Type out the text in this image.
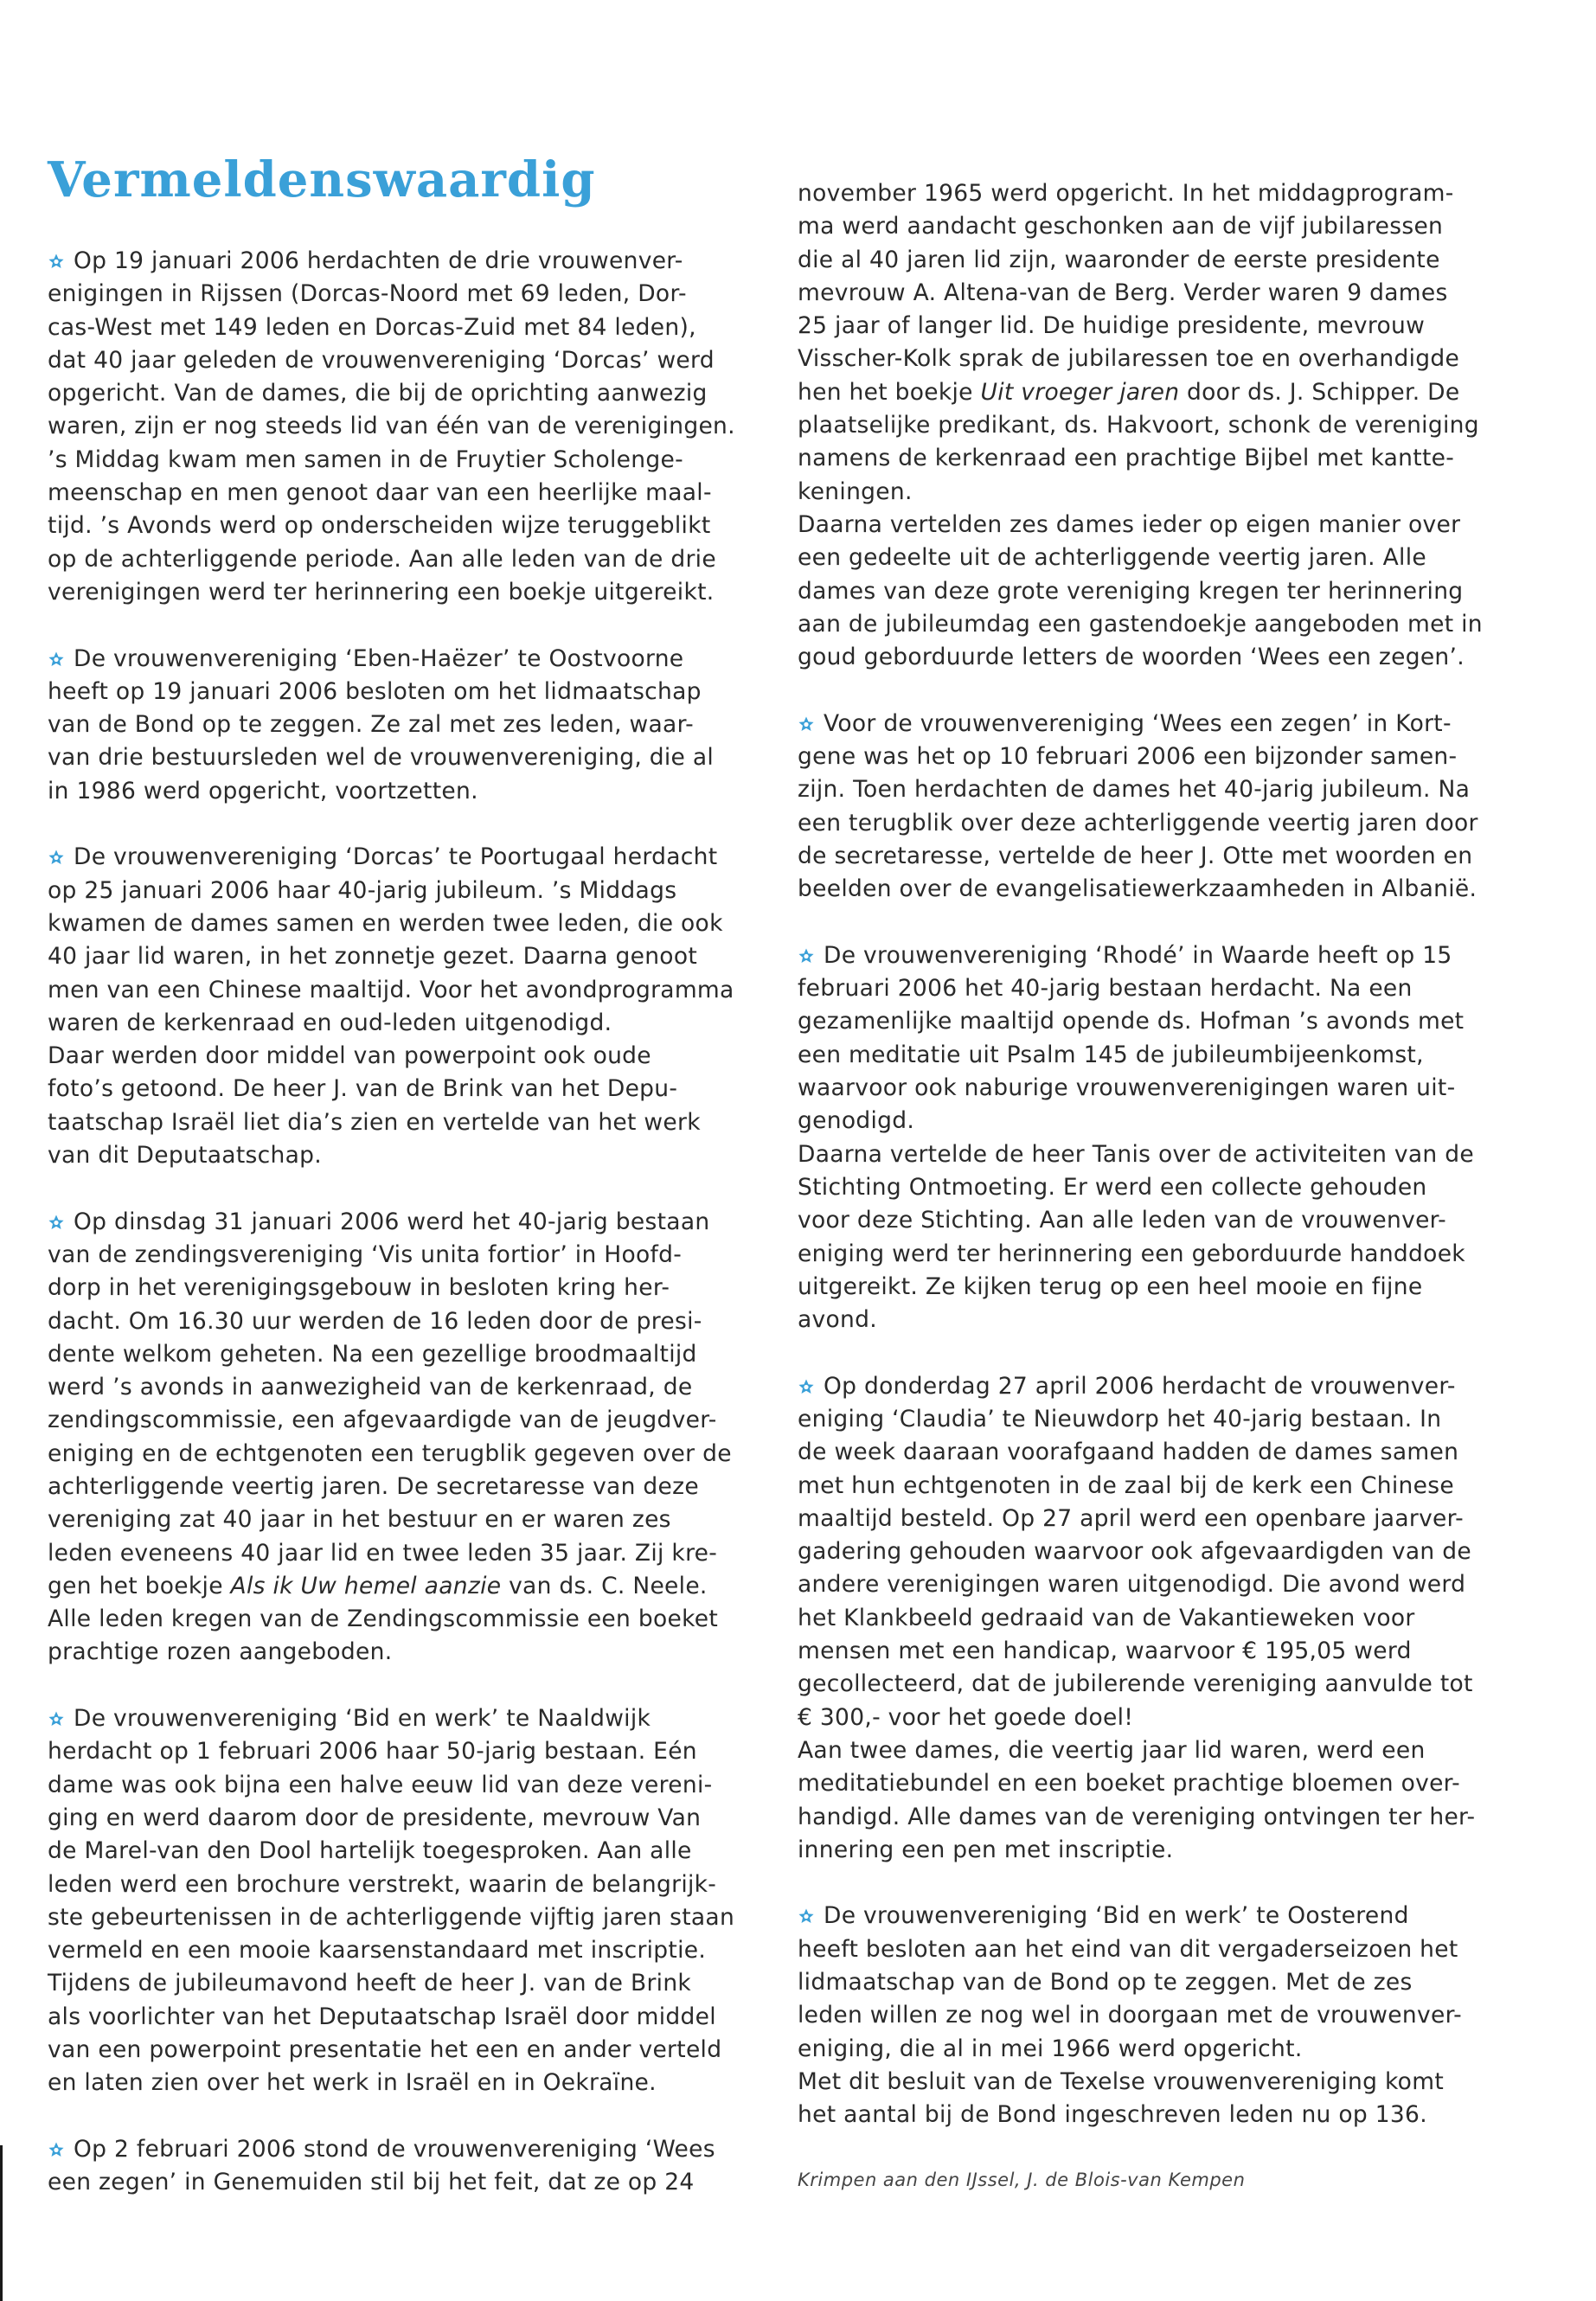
Vermeldenswaardig
Op 19 januari 2006 herdachten de drie vrouwenver-
enigingen in Rijssen (Dorcas-Noord met 69 leden, Dor-
cas-West met 149 leden en Dorcas-Zuid met 84 leden),
dat 40 jaar geleden de vrouwenvereniging ‘Dorcas’ werd
opgericht. Van de dames, die bij de oprichting aanwezig
waren, zijn er nog steeds lid van één van de verenigingen.
’s Middag kwam men samen in de Fruytier Scholenge-
meenschap en men genoot daar van een heerlijke maal-
tijd. ’s Avonds werd op onderscheiden wijze teruggeblikt
op de achterliggende periode. Aan alle leden van de drie
verenigingen werd ter herinnering een boekje uitgereikt.
De vrouwenvereniging ‘Eben-Haëzer’ te Oostvoorne
heeft op 19 januari 2006 besloten om het lidmaatschap
van de Bond op te zeggen. Ze zal met zes leden, waar-
van drie bestuursleden wel de vrouwenvereniging, die al
in 1986 werd opgericht, voortzetten.
De vrouwenvereniging ‘Dorcas’ te Poortugaal herdacht
op 25 januari 2006 haar 40-jarig jubileum. ’s Middags
kwamen de dames samen en werden twee leden, die ook
40 jaar lid waren, in het zonnetje gezet. Daarna genoot
men van een Chinese maaltijd. Voor het avondprogramma
waren de kerkenraad en oud-leden uitgenodigd.
Daar werden door middel van powerpoint ook oude
foto’s getoond. De heer J. van de Brink van het Depu-
taatschap Israël liet dia’s zien en vertelde van het werk
van dit Deputaatschap.
Op dinsdag 31 januari 2006 werd het 40-jarig bestaan
van de zendingsvereniging ‘Vis unita fortior’ in Hoofd-
dorp in het verenigingsgebouw in besloten kring her-
dacht. Om 16.30 uur werden de 16 leden door de presi-
dente welkom geheten. Na een gezellige broodmaaltijd
werd ’s avonds in aanwezigheid van de kerkenraad, de
zendingscommissie, een afgevaardigde van de jeugdver-
eniging en de echtgenoten een terugblik gegeven over de
achterliggende veertig jaren. De secretaresse van deze
vereniging zat 40 jaar in het bestuur en er waren zes
leden eveneens 40 jaar lid en twee leden 35 jaar. Zij kre-
gen het boekje Als ik Uw hemel aanzie van ds. C. Neele.
Alle leden kregen van de Zendingscommissie een boeket
prachtige rozen aangeboden.
De vrouwenvereniging ‘Bid en werk’ te Naaldwijk
herdacht op 1 februari 2006 haar 50-jarig bestaan. Eén
dame was ook bijna een halve eeuw lid van deze vereni-
ging en werd daarom door de presidente, mevrouw Van
de Marel-van den Dool hartelijk toegesproken. Aan alle
leden werd een brochure verstrekt, waarin de belangrijk-
ste gebeurtenissen in de achterliggende vijftig jaren staan
vermeld en een mooie kaarsenstandaard met inscriptie.
Tijdens de jubileumavond heeft de heer J. van de Brink
als voorlichter van het Deputaatschap Israël door middel
van een powerpoint presentatie het een en ander verteld
en laten zien over het werk in Israël en in Oekraïne.
Op 2 februari 2006 stond de vrouwenvereniging ‘Wees
een zegen’ in Genemuiden stil bij het feit, dat ze op 24
november 1965 werd opgericht. In het middagprogram-
ma werd aandacht geschonken aan de vijf jubilaressen
die al 40 jaren lid zijn, waaronder de eerste presidente
mevrouw A. Altena-van de Berg. Verder waren 9 dames
25 jaar of langer lid. De huidige presidente, mevrouw
Visscher-Kolk sprak de jubilaressen toe en overhandigde
hen het boekje Uit vroeger jaren door ds. J. Schipper. De
plaatselijke predikant, ds. Hakvoort, schonk de vereniging
namens de kerkenraad een prachtige Bijbel met kantte-
keningen.
Daarna vertelden zes dames ieder op eigen manier over
een gedeelte uit de achterliggende veertig jaren. Alle
dames van deze grote vereniging kregen ter herinnering
aan de jubileumdag een gastendoekje aangeboden met in
goud geborduurde letters de woorden ‘Wees een zegen’.
Voor de vrouwenvereniging ‘Wees een zegen’ in Kort-
gene was het op 10 februari 2006 een bijzonder samen-
zijn. Toen herdachten de dames het 40-jarig jubileum. Na
een terugblik over deze achterliggende veertig jaren door
de secretaresse, vertelde de heer J. Otte met woorden en
beelden over de evangelisatiewerkzaamheden in Albanië.
De vrouwenvereniging ‘Rhodé’ in Waarde heeft op 15
februari 2006 het 40-jarig bestaan herdacht. Na een
gezamenlijke maaltijd opende ds. Hofman ’s avonds met
een meditatie uit Psalm 145 de jubileumbijeenkomst,
waarvoor ook naburige vrouwenverenigingen waren uit-
genodigd.
Daarna vertelde de heer Tanis over de activiteiten van de
Stichting Ontmoeting. Er werd een collecte gehouden
voor deze Stichting. Aan alle leden van de vrouwenver-
eniging werd ter herinnering een geborduurde handdoek
uitgereikt. Ze kijken terug op een heel mooie en fijne
avond.
Op donderdag 27 april 2006 herdacht de vrouwenver-
eniging ‘Claudia’ te Nieuwdorp het 40-jarig bestaan. In
de week daaraan voorafgaand hadden de dames samen
met hun echtgenoten in de zaal bij de kerk een Chinese
maaltijd besteld. Op 27 april werd een openbare jaarver-
gadering gehouden waarvoor ook afgevaardigden van de
andere verenigingen waren uitgenodigd. Die avond werd
het Klankbeeld gedraaid van de Vakantieweken voor
mensen met een handicap, waarvoor € 195,05 werd
gecollecteerd, dat de jubilerende vereniging aanvulde tot
€ 300,- voor het goede doel!
Aan twee dames, die veertig jaar lid waren, werd een
meditatiebundel en een boeket prachtige bloemen over-
handigd. Alle dames van de vereniging ontvingen ter her-
innering een pen met inscriptie.
De vrouwenvereniging ‘Bid en werk’ te Oosterend
heeft besloten aan het eind van dit vergaderseizoen het
lidmaatschap van de Bond op te zeggen. Met de zes
leden willen ze nog wel in doorgaan met de vrouwenver-
eniging, die al in mei 1966 werd opgericht.
Met dit besluit van de Texelse vrouwenvereniging komt
het aantal bij de Bond ingeschreven leden nu op 136.
Krimpen aan den IJssel, J. de Blois-van Kempen
